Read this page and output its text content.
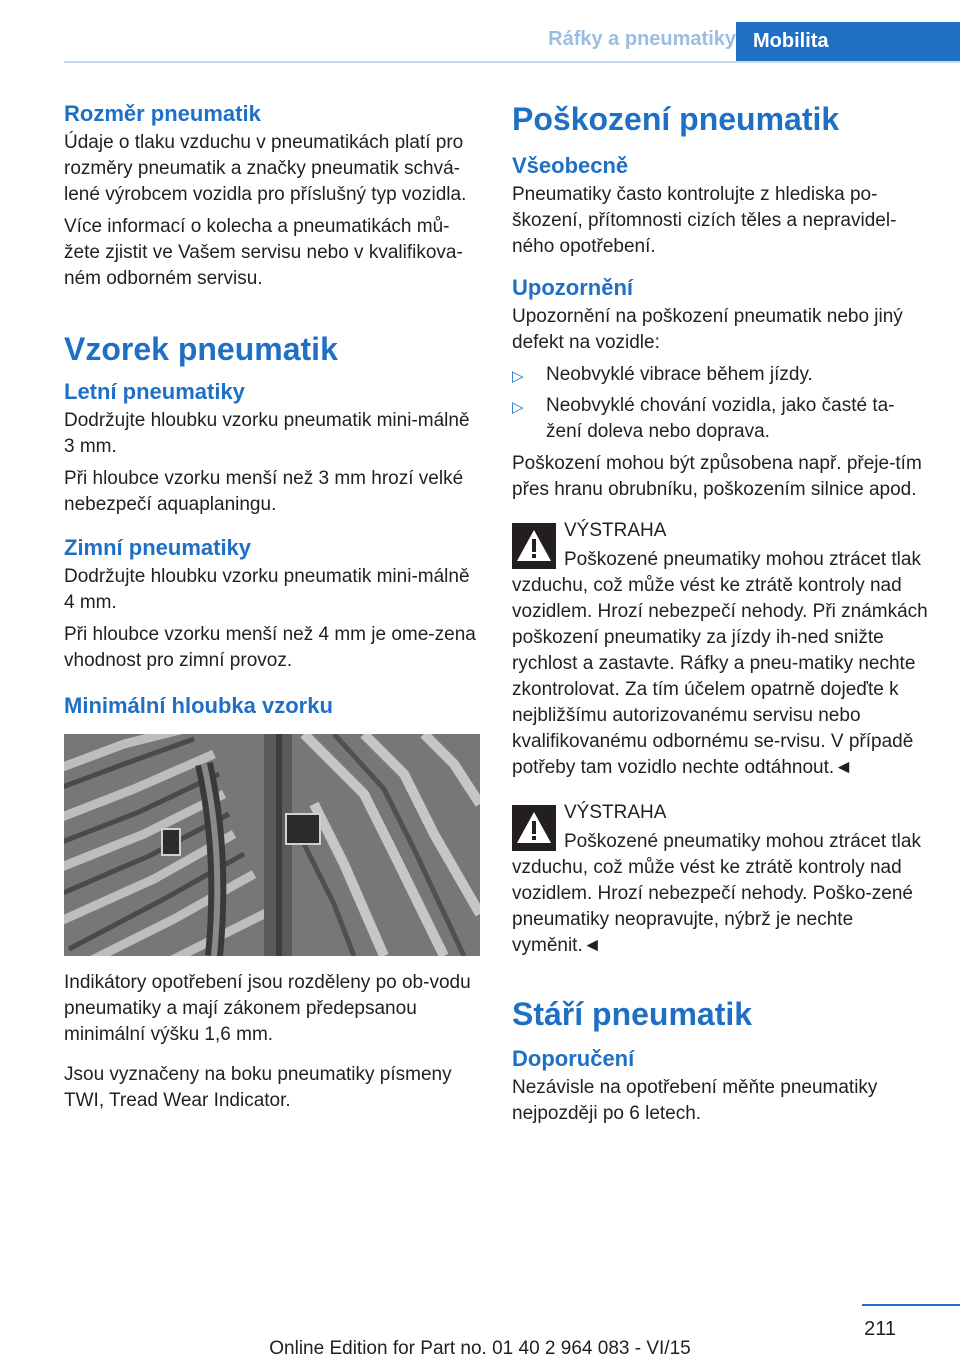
Ráfky a pneumatiky Mobilita
Rozměr pneumatik

Údaje o tlaku vzduchu v pneumatikách platí pro rozměry pneumatik a značky pneumatik schvá‐lené výrobcem vozidla pro příslušný typ vozidla.

Více informací o kolecha a pneumatikách mů‐žete zjistit ve Vašem servisu nebo v kvalifikova‐ném odborném servisu.

Vzorek pneumatik
Letní pneumatiky

Dodržujte hloubku vzorku pneumatik mini‐málně 3 mm.

Při hloubce vzorku menší než 3 mm hrozí velké nebezpečí aquaplaningu.

Zimní pneumatiky

Dodržujte hloubku vzorku pneumatik mini‐málně 4 mm.

Při hloubce vzorku menší než 4 mm je ome‐zena vhodnost pro zimní provoz.

Minimální hloubka vzorku

Indikátory opotřebení jsou rozděleny po ob‐vodu pneumatiky a mají zákonem předepsanou minimální výšku 1,6 mm.

Jsou vyznačeny na boku pneumatiky písmeny TWI, Tread Wear Indicator.

Poškození pneumatik
Všeobecně

Pneumatiky často kontrolujte z hlediska po‐škození, přítomnosti cizích těles a nepravidel‐ného opotřebení.

Upozornění

Upozornění na poškození pneumatik nebo jiný defekt na vozidle:

▷ Neobvyklé vibrace během jízdy.
▷ Neobvyklé chování vozidla, jako časté ta‐žení doleva nebo doprava.

Poškození mohou být způsobena např. přeje‐tím přes hranu obrubníku, poškozením silnice apod.

VÝSTRAHA

Poškozené pneumatiky mohou ztrácet tlak vzduchu, což může vést ke ztrátě kontroly nad vozidlem. Hrozí nebezpečí nehody. Při známkách poškození pneumatiky za jízdy ih‐ned snižte rychlost a zastavte. Ráfky a pneu‐matiky nechte zkontrolovat. Za tím účelem opatrně dojeďte k nejbližšímu autorizovanému servisu nebo kvalifikovanému odbornému se‐rvisu. V případě potřeby tam vozidlo nechte odtáhnout.◄

VÝSTRAHA

Poškozené pneumatiky mohou ztrácet tlak vzduchu, což může vést ke ztrátě kontroly nad vozidlem. Hrozí nebezpečí nehody. Poško‐zené pneumatiky neopravujte, nýbrž je nechte vyměnit.◄

Stáří pneumatik
Doporučení

Nezávisle na opotřebení měňte pneumatiky nejpozději po 6 letech.

211
Online Edition for Part no. 01 40 2 964 083 - VI/15
